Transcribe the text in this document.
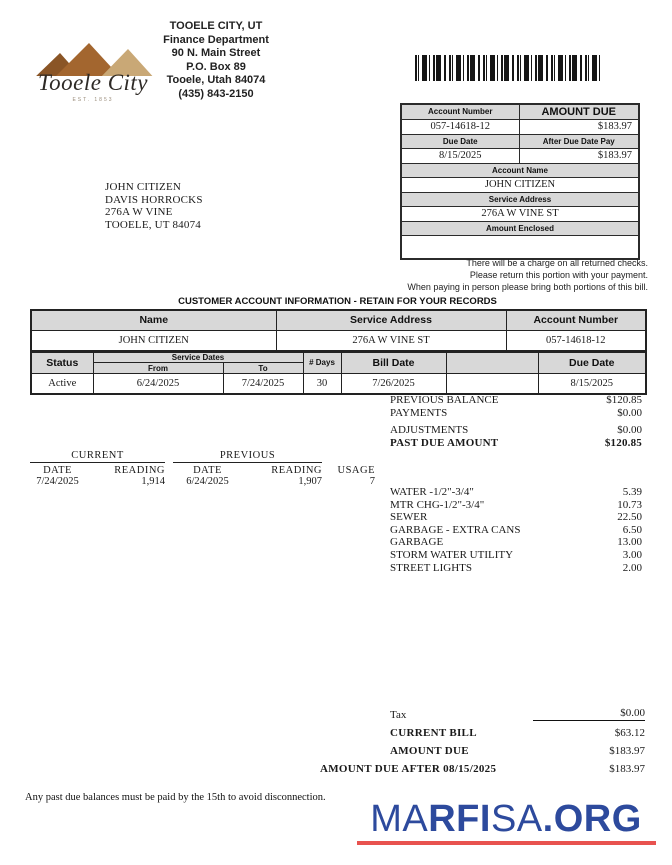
Tooele City
EST. 1853
TOOELE CITY, UT
Finance Department
90 N. Main Street
P.O. Box 89
Tooele, Utah 84074
(435) 843-2150
Account Number	AMOUNT DUE
057-14618-12	$183.97
Due Date	After Due Date Pay
8/15/2025	$183.97
Account Name	
JOHN CITIZEN	
Service Address	
276A W VINE ST	
Amount Enclosed	

JOHN CITIZEN
DAVIS HORROCKS
276A W VINE
TOOELE, UT 84074
There will be a charge on all returned checks.
Please return this portion with your payment.
When paying in person please bring both portions of this bill.
CUSTOMER ACCOUNT INFORMATION - RETAIN FOR YOUR RECORDS
Name	Service Address	Account Number
JOHN CITIZEN	276A W VINE ST	057-14618-12
Status	Service Dates		# Days	Bill Date		Due Date
	From	To				
Active	6/24/2025	7/24/2025	30	7/26/2025		8/15/2025
PREVIOUS BALANCE	$120.85
PAYMENTS	$0.00
ADJUSTMENTS	$0.00
PAST DUE AMOUNT	$120.85
CURRENT	PREVIOUS
DATE	READING	DATE	READING	USAGE
7/24/2025	1,914	6/24/2025	1,907	7
WATER -1/2"-3/4"	5.39
MTR CHG-1/2"-3/4"	10.73
SEWER	22.50
GARBAGE - EXTRA CANS	6.50
GARBAGE	13.00
STORM WATER UTILITY	3.00
STREET LIGHTS	2.00
Tax	$0.00
CURRENT BILL	$63.12
AMOUNT DUE	$183.97
AMOUNT DUE AFTER 08/15/2025	$183.97
Any past due balances must be paid by the 15th to avoid disconnection.
MARFISA.ORG
